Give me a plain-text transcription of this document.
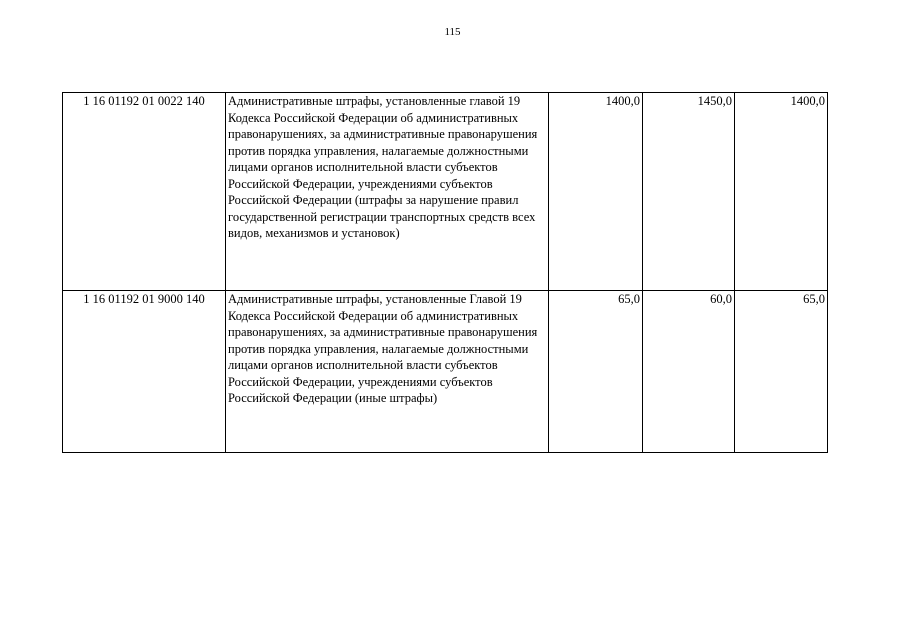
115
1 16 01192 01 0022 140	Административные штрафы, установленные главой 19 Кодекса Российской Федерации об административных правонарушениях, за административные правонарушения против порядка управления, налагаемые должностными лицами органов исполнительной власти субъектов Российской Федерации, учреждениями субъектов Российской Федерации (штрафы за нарушение правил государственной регистрации транспортных средств всех видов, механизмов и установок)	1400,0	1450,0	1400,0
1 16 01192 01 9000 140	Административные штрафы, установленные Главой 19 Кодекса Российской Федерации об административных правонарушениях, за административные правонарушения против порядка управления, налагаемые должностными лицами органов исполнительной власти субъектов Российской Федерации, учреждениями субъектов Российской Федерации (иные штрафы)	65,0	60,0	65,0
